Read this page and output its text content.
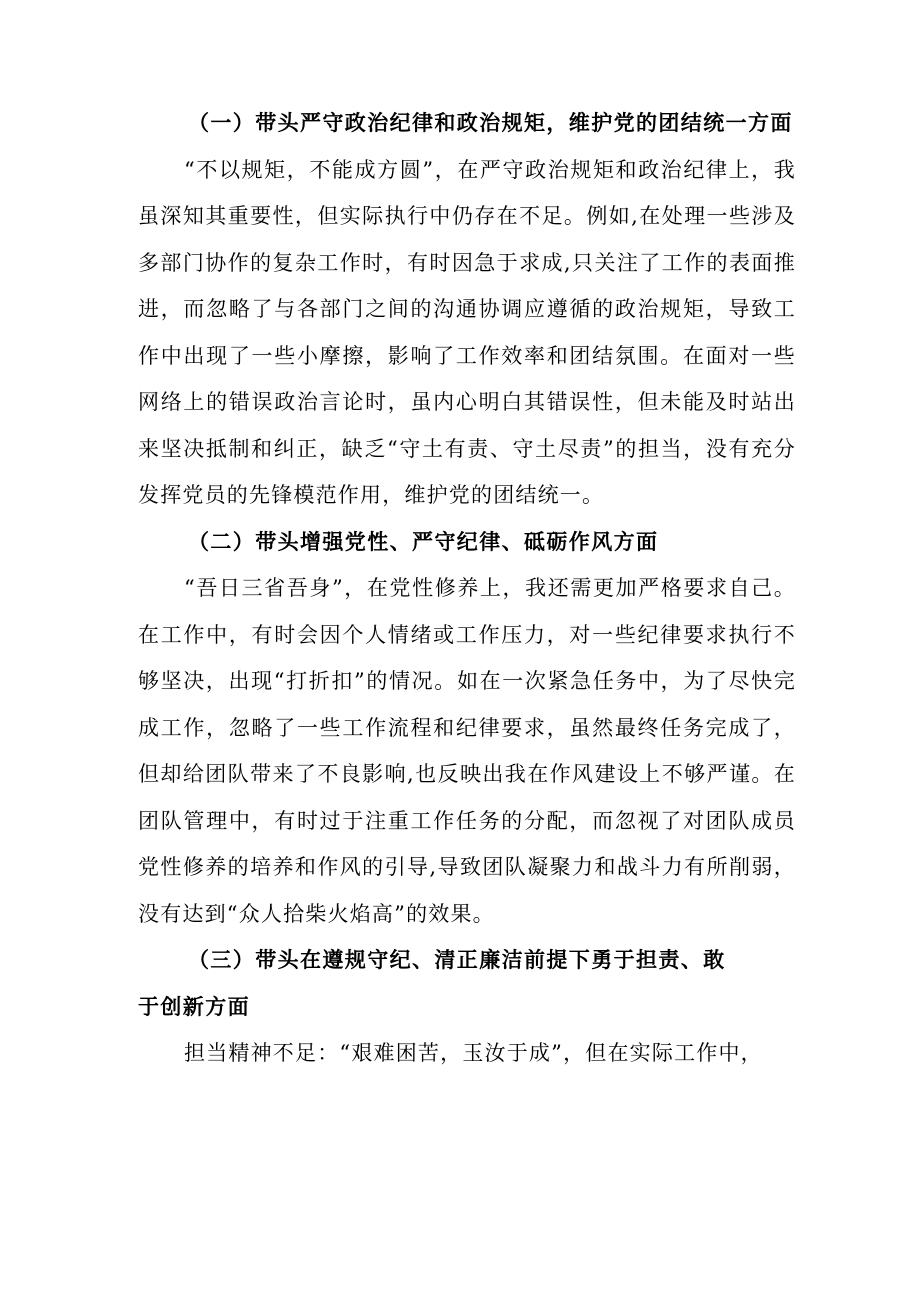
（一）带头严守政治纪律和政治规矩，维护党的团结统一方面

“不以规矩，不能成方圆”，在严守政治规矩和政治纪律上，我虽深知其重要性，但实际执行中仍存在不足。例如,在处理一些涉及多部门协作的复杂工作时，有时因急于求成,只关注了工作的表面推进，而忽略了与各部门之间的沟通协调应遵循的政治规矩，导致工作中出现了一些小摩擦，影响了工作效率和团结氛围。在面对一些网络上的错误政治言论时，虽内心明白其错误性，但未能及时站出来坚决抵制和纠正，缺乏“守土有责、守土尽责”的担当，没有充分发挥党员的先锋模范作用，维护党的团结统一。

（二）带头增强党性、严守纪律、砥砺作风方面

“吾日三省吾身”，在党性修养上，我还需更加严格要求自己。在工作中，有时会因个人情绪或工作压力，对一些纪律要求执行不够坚决，出现“打折扣”的情况。如在一次紧急任务中，为了尽快完成工作，忽略了一些工作流程和纪律要求，虽然最终任务完成了，但却给团队带来了不良影响,也反映出我在作风建设上不够严谨。在团队管理中，有时过于注重工作任务的分配，而忽视了对团队成员党性修养的培养和作风的引导,导致团队凝聚力和战斗力有所削弱，没有达到“众人拾柴火焰高”的效果。

（三）带头在遵规守纪、清正廉洁前提下勇于担责、敢

于创新方面

担当精神不足：“艰难困苦，玉汝于成”，但在实际工作中，
